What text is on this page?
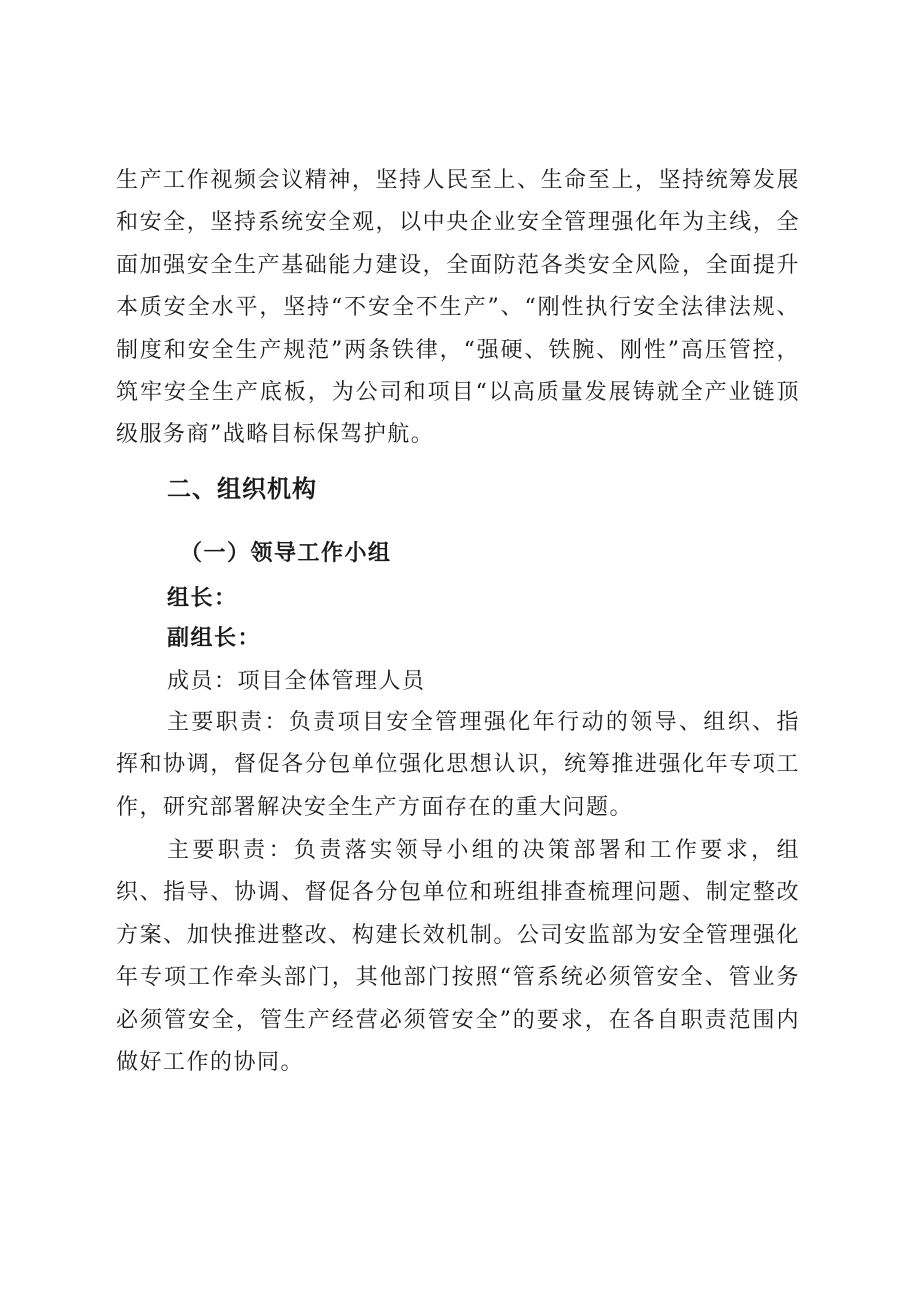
生产工作视频会议精神，坚持人民至上、生命至上，坚持统筹发展和安全，坚持系统安全观，以中央企业安全管理强化年为主线，全面加强安全生产基础能力建设，全面防范各类安全风险，全面提升本质安全水平，坚持“不安全不生产”、“刚性执行安全法律法规、制度和安全生产规范”两条铁律，“强硬、铁腕、刚性”高压管控，筑牢安全生产底板，为公司和项目“以高质量发展铸就全产业链顶级服务商”战略目标保驾护航。

二、组织机构
（一）领导工作小组

组长：

副组长：

成员：项目全体管理人员

主要职责：负责项目安全管理强化年行动的领导、组织、指挥和协调，督促各分包单位强化思想认识，统筹推进强化年专项工作，研究部署解决安全生产方面存在的重大问题。

主要职责：负责落实领导小组的决策部署和工作要求，组织、指导、协调、督促各分包单位和班组排查梳理问题、制定整改方案、加快推进整改、构建长效机制。公司安监部为安全管理强化年专项工作牵头部门，其他部门按照“管系统必须管安全、管业务必须管安全，管生产经营必须管安全”的要求，在各自职责范围内做好工作的协同。
